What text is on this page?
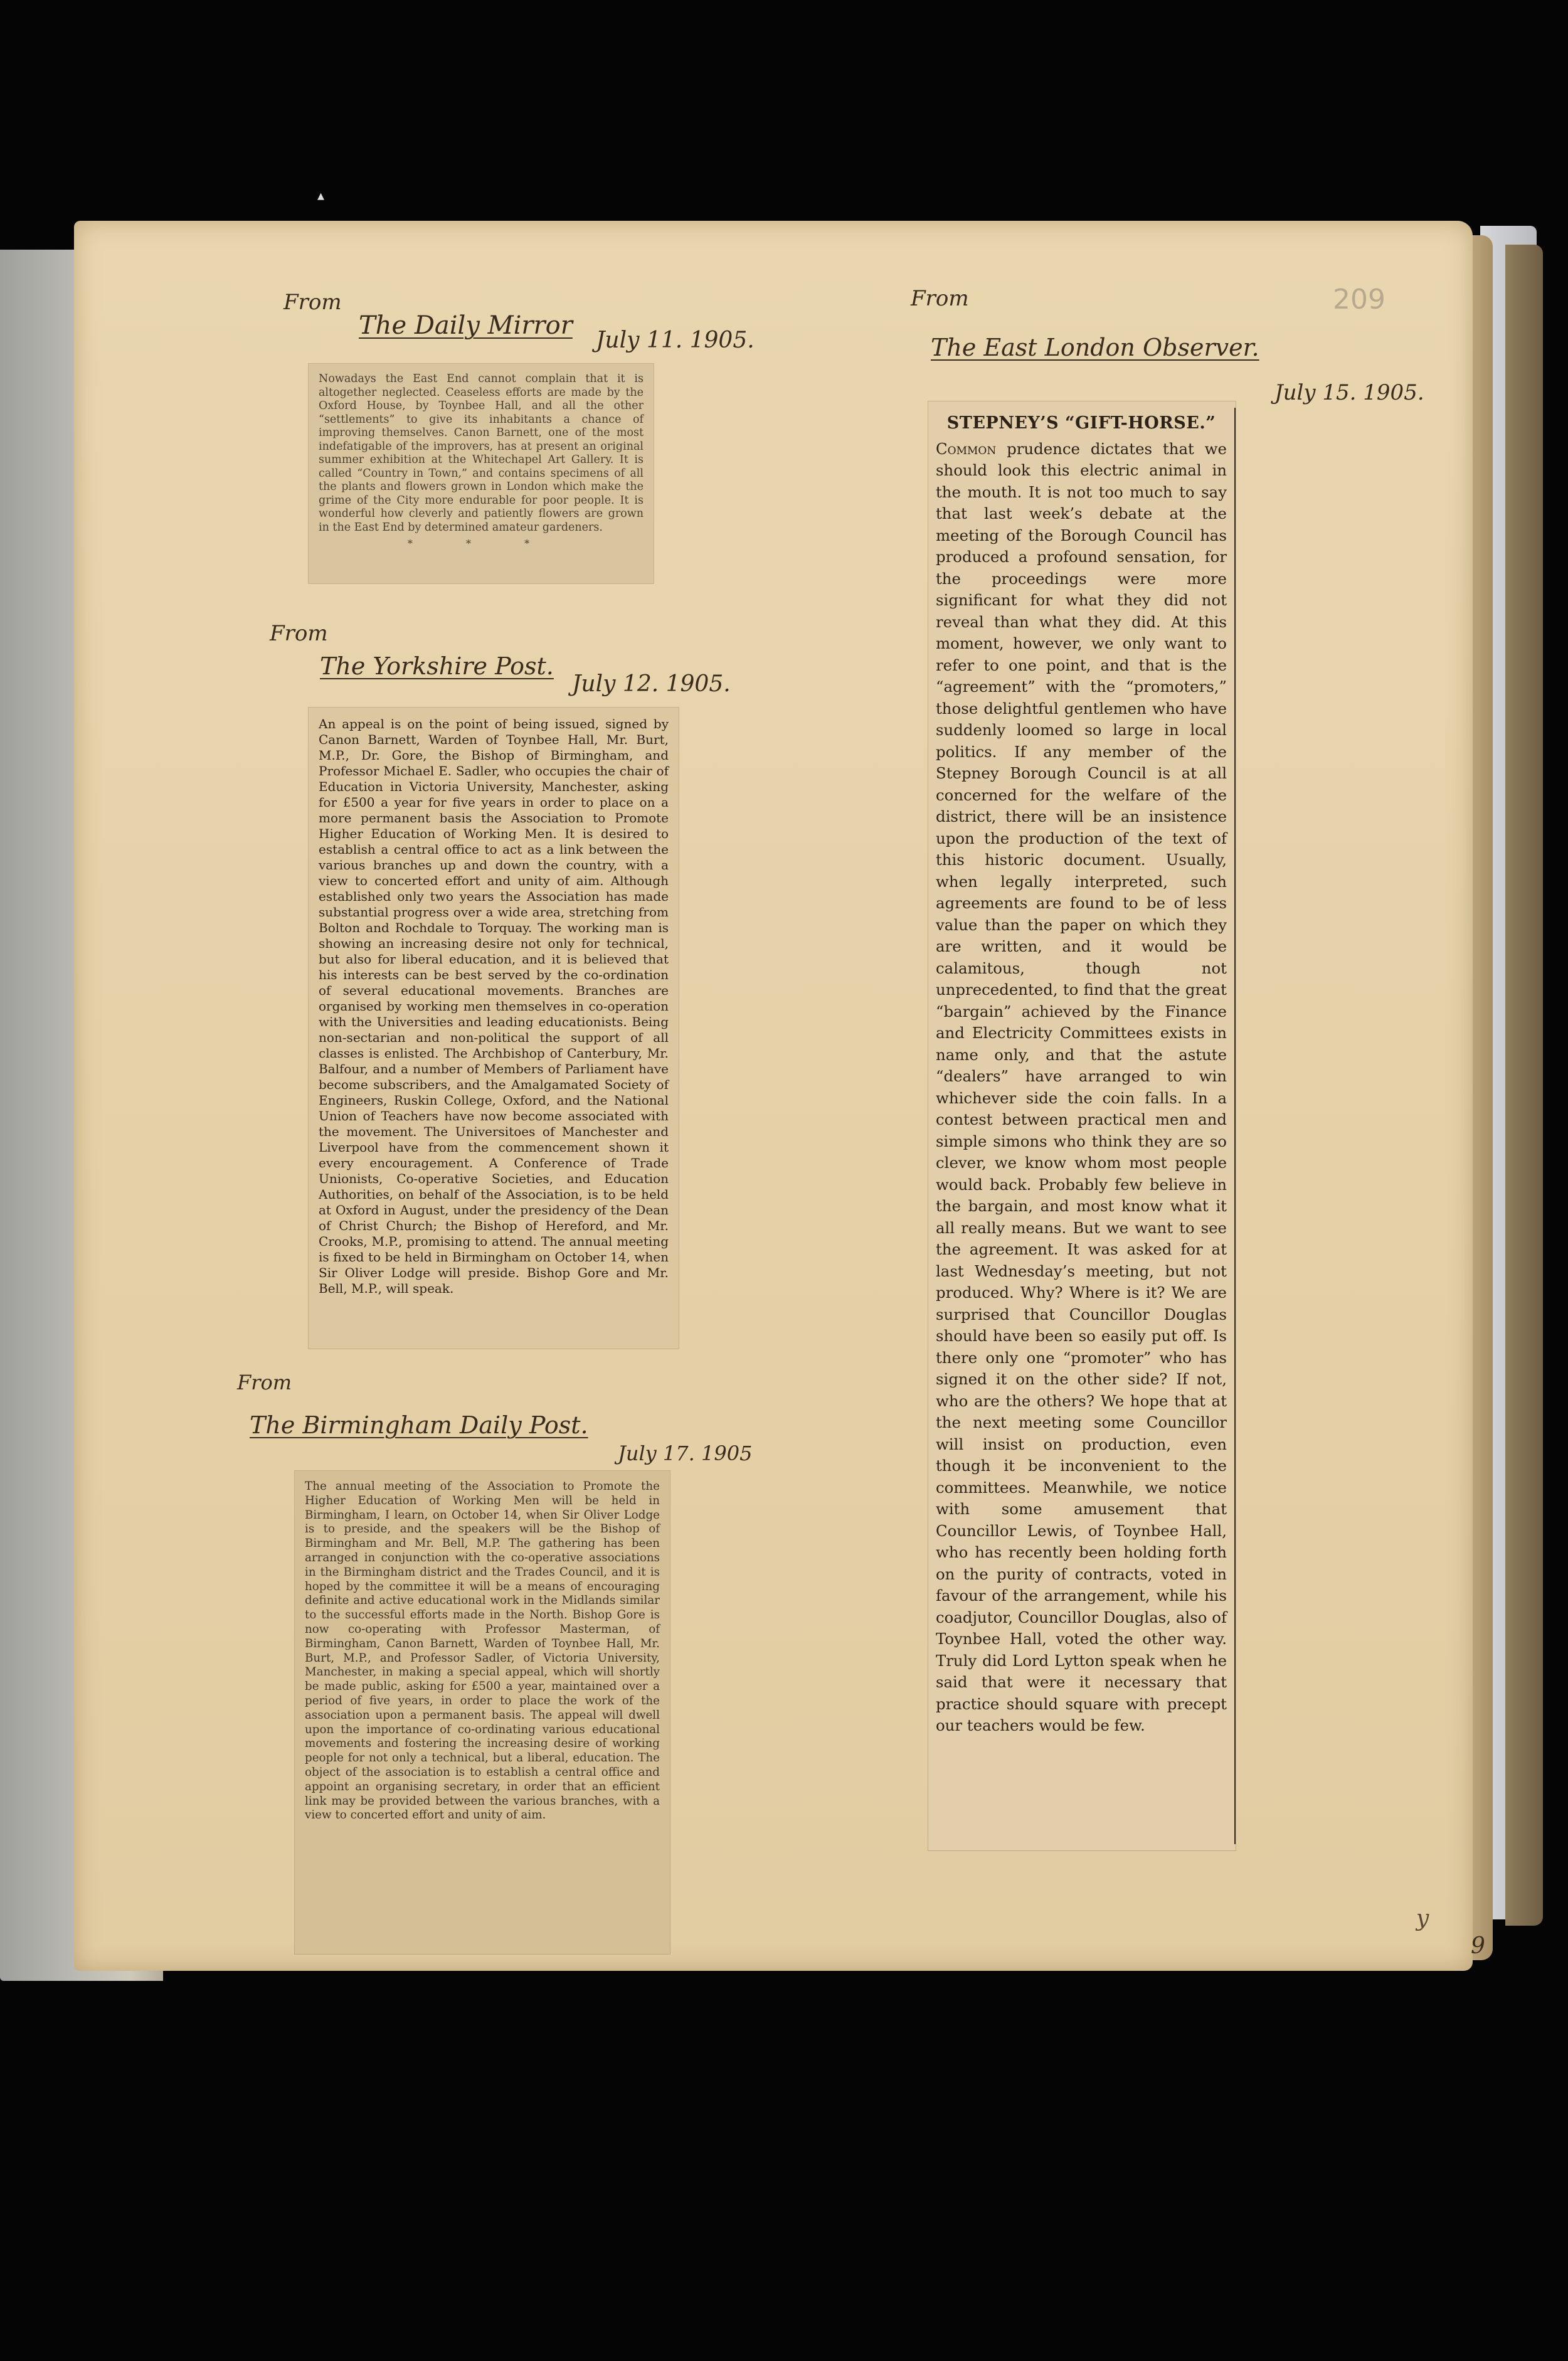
▴
209
y
9
From
The Daily Mirror
July 11. 1905.

Nowadays the East End cannot complain that it is altogether neglected. Ceaseless efforts are made by the Oxford House, by Toynbee Hall, and all the other “settlements” to give its inhabitants a chance of improving themselves. Canon Barnett, one of the most indefatigable of the improvers, has at present an original summer exhibition at the Whitechapel Art Gallery. It is called “Country in Town,” and contains specimens of all the plants and flowers grown in London which make the grime of the City more endurable for poor people. It is wonderful how cleverly and patiently flowers are grown in the East End by determined amateur gardeners.

* * *
From
The Yorkshire Post.
July 12. 1905.

An appeal is on the point of being issued, signed by Canon Barnett, Warden of Toynbee Hall, Mr. Burt, M.P., Dr. Gore, the Bishop of Birmingham, and Professor Michael E. Sadler, who occupies the chair of Education in Victoria University, Manchester, asking for £500 a year for five years in order to place on a more permanent basis the Association to Promote Higher Education of Working Men. It is desired to establish a central office to act as a link between the various branches up and down the country, with a view to concerted effort and unity of aim. Although established only two years the Association has made substantial progress over a wide area, stretching from Bolton and Rochdale to Torquay. The working man is showing an increasing desire not only for technical, but also for liberal education, and it is believed that his interests can be best served by the co-ordination of several educational movements. Branches are organised by working men themselves in co-operation with the Universities and leading educationists. Being non-sectarian and non-political the support of all classes is enlisted. The Archbishop of Canterbury, Mr. Balfour, and a number of Members of Parliament have become subscribers, and the Amalgamated Society of Engineers, Ruskin College, Oxford, and the National Union of Teachers have now become associated with the movement. The Universitoes of Manchester and Liverpool have from the commencement shown it every encouragement. A Conference of Trade Unionists, Co-operative Societies, and Education Authorities, on behalf of the Association, is to be held at Oxford in August, under the presidency of the Dean of Christ Church; the Bishop of Hereford, and Mr. Crooks, M.P., promising to attend. The annual meeting is fixed to be held in Birmingham on October 14, when Sir Oliver Lodge will preside. Bishop Gore and Mr. Bell, M.P., will speak.

From
The Birmingham Daily Post.
July 17. 1905

The annual meeting of the Association to Promote the Higher Education of Working Men will be held in Birmingham, I learn, on October 14, when Sir Oliver Lodge is to preside, and the speakers will be the Bishop of Birmingham and Mr. Bell, M.P. The gathering has been arranged in conjunction with the co-operative associations in the Birmingham district and the Trades Council, and it is hoped by the committee it will be a means of encouraging definite and active educational work in the Midlands similar to the successful efforts made in the North. Bishop Gore is now co-operating with Professor Masterman, of Birmingham, Canon Barnett, Warden of Toynbee Hall, Mr. Burt, M.P., and Professor Sadler, of Victoria University, Manchester, in making a special appeal, which will shortly be made public, asking for £500 a year, maintained over a period of five years, in order to place the work of the association upon a permanent basis. The appeal will dwell upon the importance of co-ordinating various educational movements and fostering the increasing desire of working people for not only a technical, but a liberal, education. The object of the association is to establish a central office and appoint an organising secretary, in order that an efficient link may be provided between the various branches, with a view to concerted effort and unity of aim.

From
The East London Observer.
July 15. 1905.
STEPNEY’S “GIFT-HORSE.”

Common prudence dictates that we should look this electric animal in the mouth. It is not too much to say that last week’s debate at the meeting of the Borough Council has produced a profound sensation, for the proceedings were more significant for what they did not reveal than what they did. At this moment, however, we only want to refer to one point, and that is the “agreement” with the “promoters,” those delightful gentlemen who have suddenly loomed so large in local politics. If any member of the Stepney Borough Council is at all concerned for the welfare of the district, there will be an insistence upon the production of the text of this historic document. Usually, when legally interpreted, such agreements are found to be of less value than the paper on which they are written, and it would be calamitous, though not unprecedented, to find that the great “bargain” achieved by the Finance and Electricity Committees exists in name only, and that the astute “dealers” have arranged to win whichever side the coin falls. In a contest between practical men and simple simons who think they are so clever, we know whom most people would back. Probably few believe in the bargain, and most know what it all really means. But we want to see the agreement. It was asked for at last Wednesday’s meeting, but not produced. Why? Where is it? We are surprised that Councillor Douglas should have been so easily put off. Is there only one “promoter” who has signed it on the other side? If not, who are the others? We hope that at the next meeting some Councillor will insist on production, even though it be inconvenient to the committees. Meanwhile, we notice with some amusement that Councillor Lewis, of Toynbee Hall, who has recently been holding forth on the purity of contracts, voted in favour of the arrangement, while his coadjutor, Councillor Douglas, also of Toynbee Hall, voted the other way. Truly did Lord Lytton speak when he said that were it necessary that practice should square with precept our teachers would be few.
